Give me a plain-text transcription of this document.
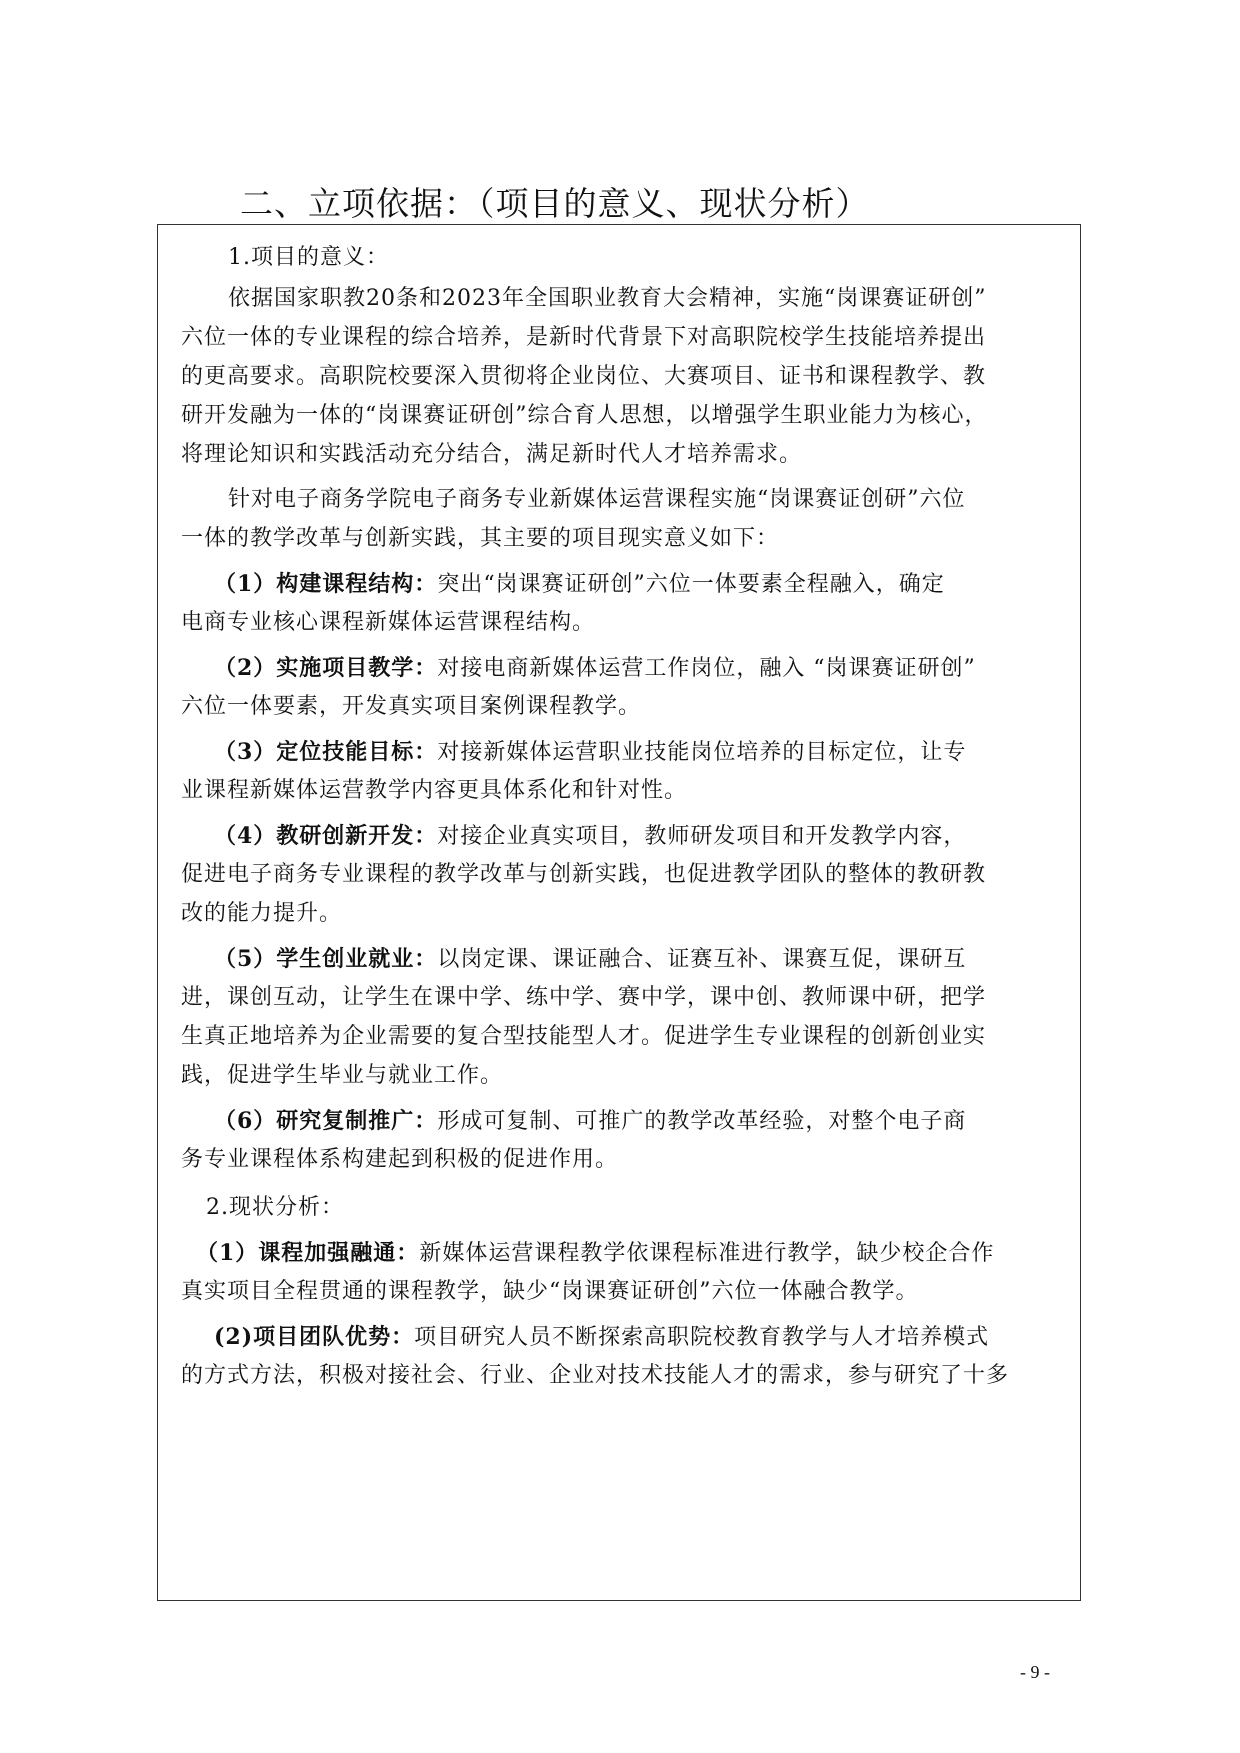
二、立项依据：（项目的意义、现状分析）

1.项目的意义：

依据国家职教20条和2023年全国职业教育大会精神，实施“岗课赛证研创”

六位一体的专业课程的综合培养，是新时代背景下对高职院校学生技能培养提出

的更高要求。高职院校要深入贯彻将企业岗位、大赛项目、证书和课程教学、教

研开发融为一体的“岗课赛证研创”综合育人思想，以增强学生职业能力为核心，

将理论知识和实践活动充分结合，满足新时代人才培养需求。

针对电子商务学院电子商务专业新媒体运营课程实施“岗课赛证创研”六位

一体的教学改革与创新实践，其主要的项目现实意义如下：

（1）构建课程结构：突出“岗课赛证研创”六位一体要素全程融入，确定

电商专业核心课程新媒体运营课程结构。

（2）实施项目教学：对接电商新媒体运营工作岗位，融入 “岗课赛证研创”

六位一体要素，开发真实项目案例课程教学。

（3）定位技能目标：对接新媒体运营职业技能岗位培养的目标定位，让专

业课程新媒体运营教学内容更具体系化和针对性。

（4）教研创新开发：对接企业真实项目，教师研发项目和开发教学内容，

促进电子商务专业课程的教学改革与创新实践，也促进教学团队的整体的教研教

改的能力提升。

（5）学生创业就业：以岗定课、课证融合、证赛互补、课赛互促，课研互

进，课创互动，让学生在课中学、练中学、赛中学，课中创、教师课中研，把学

生真正地培养为企业需要的复合型技能型人才。促进学生专业课程的创新创业实

践，促进学生毕业与就业工作。

（6）研究复制推广：形成可复制、可推广的教学改革经验，对整个电子商

务专业课程体系构建起到积极的促进作用。

2.现状分析：

（1）课程加强融通：新媒体运营课程教学依课程标准进行教学，缺少校企合作

真实项目全程贯通的课程教学，缺少“岗课赛证研创”六位一体融合教学。

(2)项目团队优势：项目研究人员不断探索高职院校教育教学与人才培养模式

的方式方法，积极对接社会、行业、企业对技术技能人才的需求，参与研究了十多

- 9 -
